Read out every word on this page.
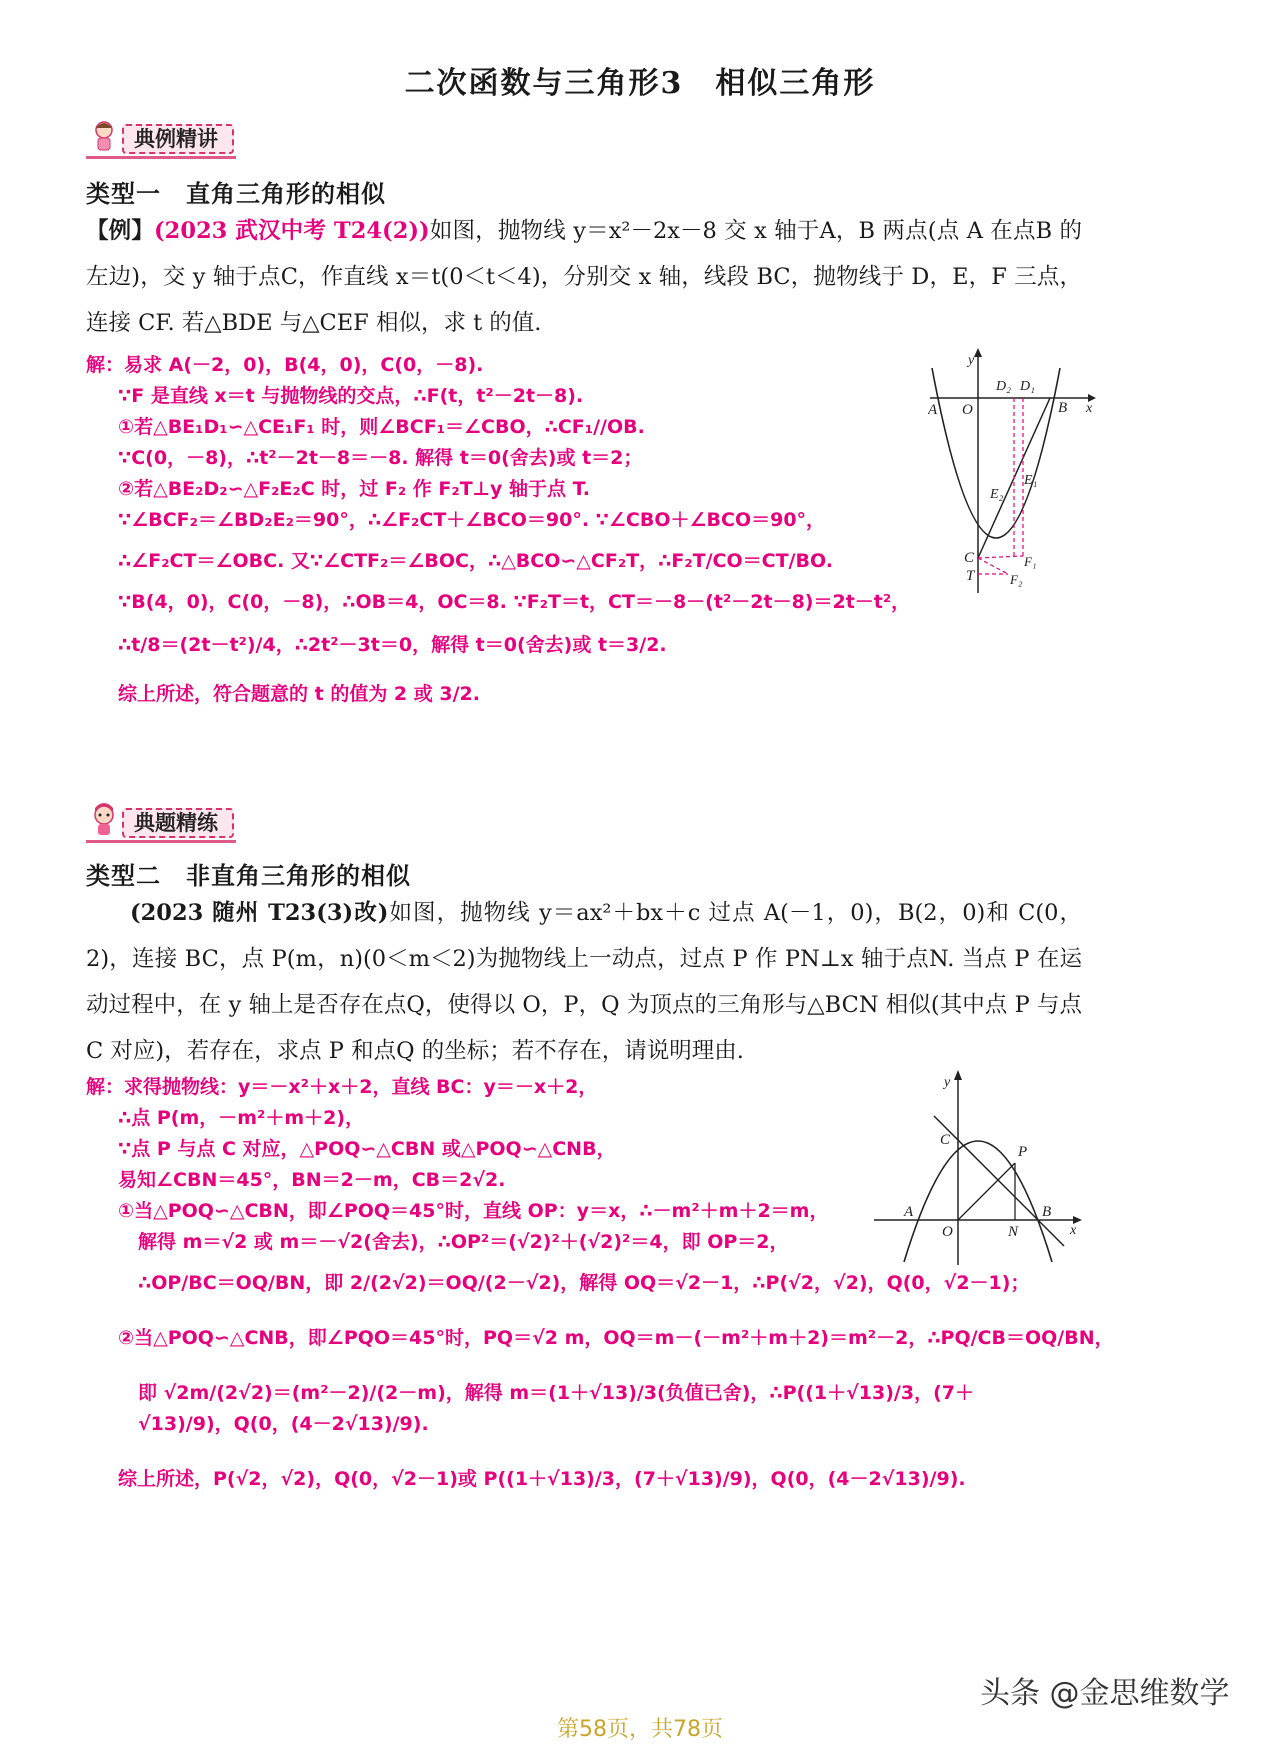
二次函数与三角形3　相似三角形
典例精讲
类型一　直角三角形的相似
【例】(2023 武汉中考 T24(2))如图，抛物线 y＝x²－2x－8 交 x 轴于A，B 两点(点 A 在点B 的左边)，交 y 轴于点C，作直线 x＝t(0＜t＜4)，分别交 x 轴，线段 BC，抛物线于 D，E，F 三点，连接 CF. 若△BDE 与△CEF 相似，求 t 的值.
解：易求 A(－2，0)，B(4，0)，C(0，－8).
∵F 是直线 x＝t 与抛物线的交点，∴F(t，t²－2t－8).
①若△BE₁D₁∽△CE₁F₁ 时，则∠BCF₁＝∠CBO，∴CF₁//OB.
∵C(0，－8)，∴t²－2t－8＝－8. 解得 t＝0(舍去)或 t＝2；
②若△BE₂D₂∽△F₂E₂C 时，过 F₂ 作 F₂T⊥y 轴于点 T.
∵∠BCF₂＝∠BD₂E₂＝90°，∴∠F₂CT＋∠BCO＝90°. ∵∠CBO＋∠BCO＝90°，
∴∠F₂CT＝∠OBC. 又∵∠CTF₂＝∠BOC，∴△BCO∽△CF₂T，∴F₂T/CO＝CT/BO.
∵B(4，0)，C(0，－8)，∴OB＝4，OC＝8. ∵F₂T＝t，CT＝－8－(t²－2t－8)＝2t－t²，
∴t/8＝(2t－t²)/4，∴2t²－3t＝0，解得 t＝0(舍去)或 t＝3/2.
综上所述，符合题意的 t 的值为 2 或 3/2.
y
x
A O	B
D₂ D₁
E₁
E₂
C
T
F₁
F₂
典题精练
类型二　非直角三角形的相似
(2023 随州 T23(3)改)如图，抛物线 y＝ax²＋bx＋c 过点 A(－1，0)，B(2，0)和 C(0，2)，连接 BC，点 P(m，n)(0＜m＜2)为抛物线上一动点，过点 P 作 PN⊥x 轴于点N. 当点 P 在运动过程中，在 y 轴上是否存在点Q，使得以 O，P，Q 为顶点的三角形与△BCN 相似(其中点 P 与点C 对应)，若存在，求点 P 和点Q 的坐标；若不存在，请说明理由.
解：求得抛物线：y＝－x²＋x＋2，直线 BC：y＝－x＋2，
∴点 P(m，－m²＋m＋2)，
∵点 P 与点 C 对应，△POQ∽△CBN 或△POQ∽△CNB，
易知∠CBN＝45°，BN＝2－m，CB＝2√2.
①当△POQ∽△CBN，即∠POQ＝45°时，直线 OP：y＝x，∴－m²＋m＋2＝m，
解得 m＝√2 或 m＝－√2(舍去)，∴OP²＝(√2)²＋(√2)²＝4，即 OP＝2，
∴OP/BC＝OQ/BN，即 2/(2√2)＝OQ/(2－√2)，解得 OQ＝√2－1，∴P(√2，√2)，Q(0，√2－1)；
②当△POQ∽△CNB，即∠PQO＝45°时，PQ＝√2 m，OQ＝m－(－m²＋m＋2)＝m²－2，∴PQ/CB＝OQ/BN，
即 √2m/(2√2)＝(m²－2)/(2－m)，解得 m＝(1＋√13)/3(负值已舍)，∴P((1＋√13)/3，(7＋√13)/9)，Q(0，(4－2√13)/9).
综上所述，P(√2，√2)，Q(0，√2－1)或 P((1＋√13)/3，(7＋√13)/9)，Q(0，(4－2√13)/9).
y
x
C
P
A
O	N
B
头条 @金思维数学
第58页，共78页
